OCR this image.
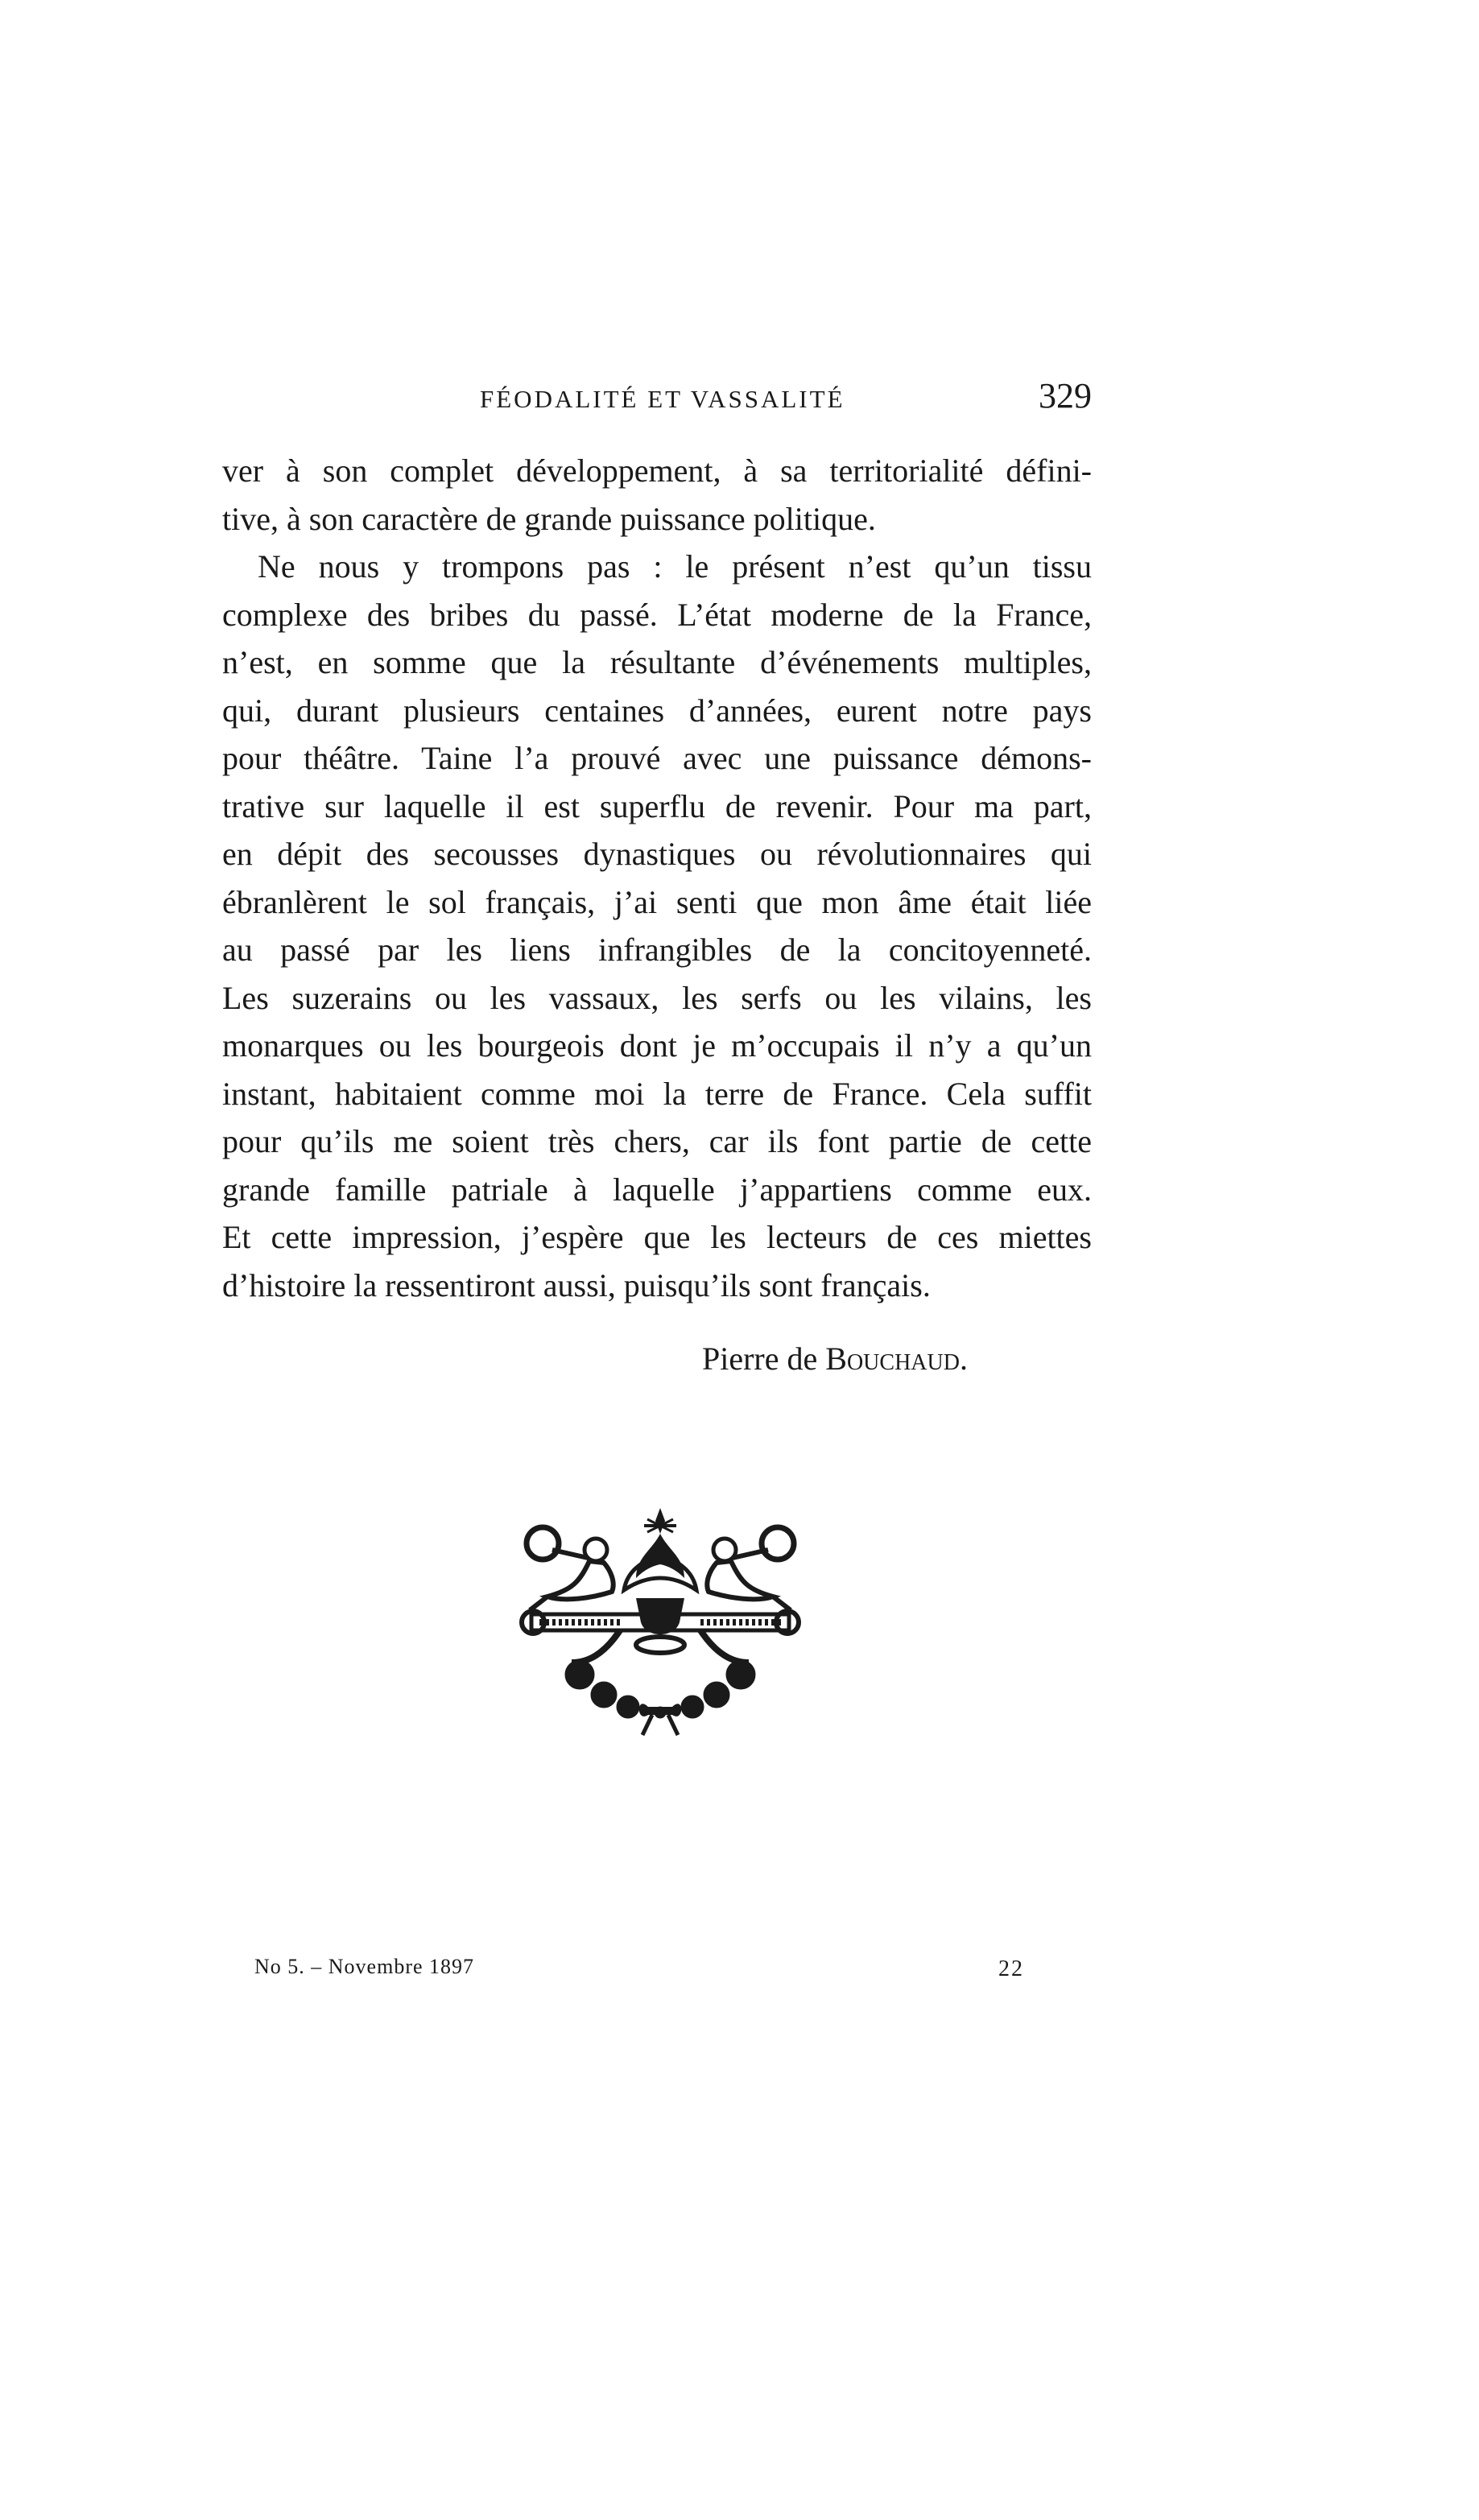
FÉODALITÉ ET VASSALITÉ	329
ver à son complet développement, à sa territorialité défini-
tive, à son caractère de grande puissance politique.
Ne nous y trompons pas : le présent n’est qu’un tissu
complexe des bribes du passé. L’état moderne de la France,
n’est, en somme que la résultante d’événements multiples,
qui, durant plusieurs centaines d’années, eurent notre pays
pour théâtre. Taine l’a prouvé avec une puissance démons-
trative sur laquelle il est superflu de revenir. Pour ma part,
en dépit des secousses dynastiques ou révolutionnaires qui
ébranlèrent le sol français, j’ai senti que mon âme était liée
au passé par les liens infrangibles de la concitoyenneté.
Les suzerains ou les vassaux, les serfs ou les vilains, les
monarques ou les bourgeois dont je m’occupais il n’y a qu’un
instant, habitaient comme moi la terre de France. Cela suffit
pour qu’ils me soient très chers, car ils font partie de cette
grande famille patriale à laquelle j’appartiens comme eux.
Et cette impression, j’espère que les lecteurs de ces miettes
d’histoire la ressentiront aussi, puisqu’ils sont français.
Pierre de Bouchaud.
No 5. – Novembre 1897	22
